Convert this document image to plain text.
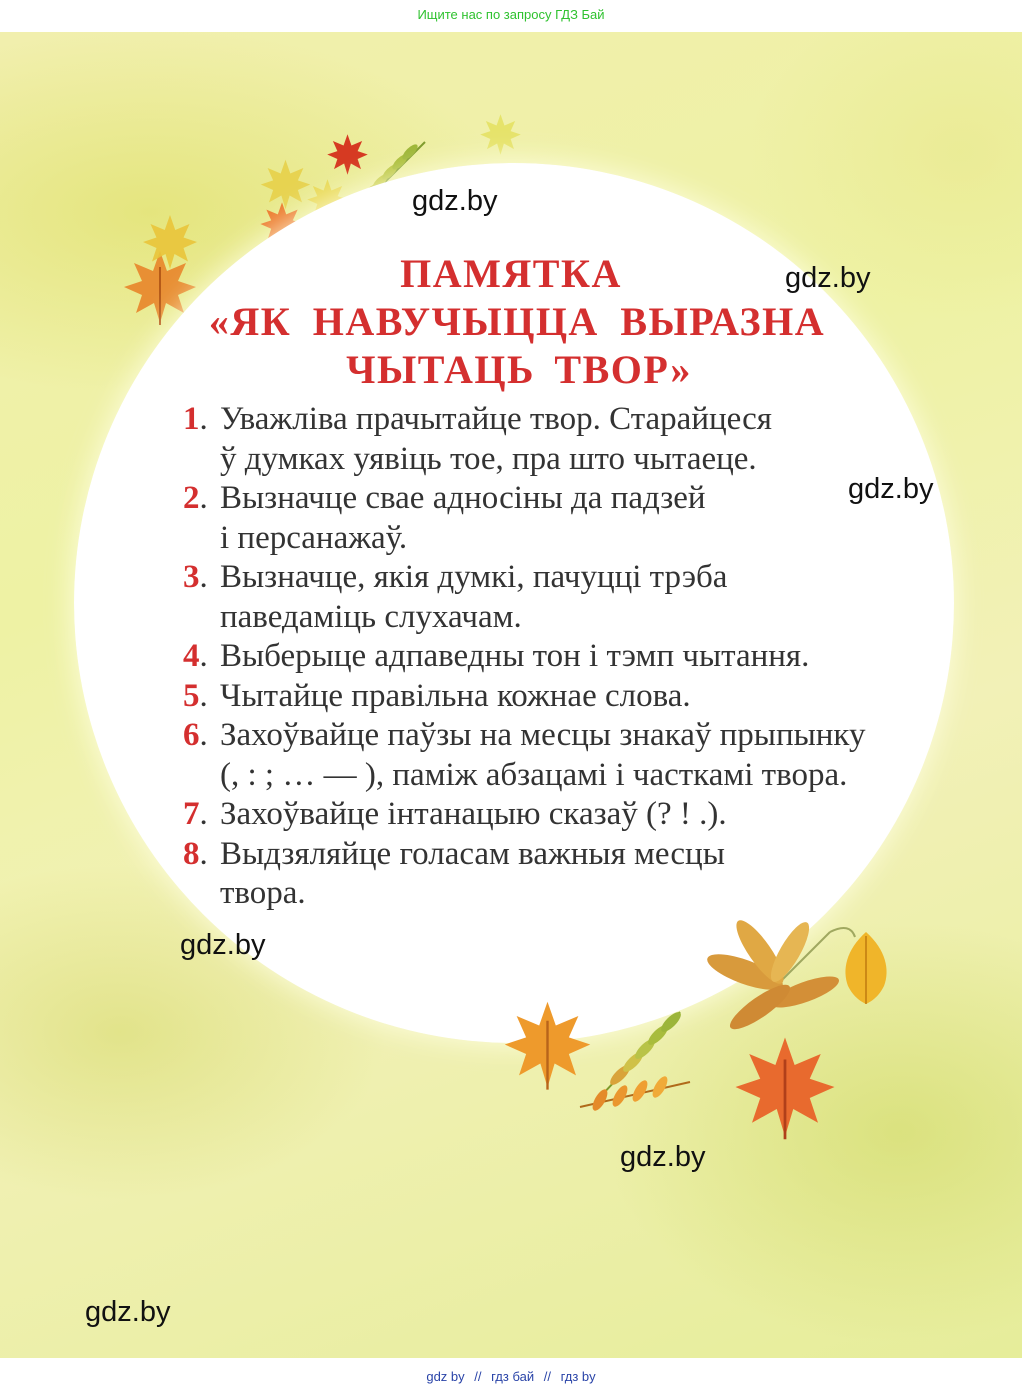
Ищите нас по запросу ГДЗ Бай
ПАМЯТКА
«ЯК НАВУЧЫЦЦА ВЫРАЗНА
ЧЫТАЦЬ ТВОР»
1. Уважліва прачытайце твор. Старайцеся
ў думках уявіць тое, пра што чытаеце.
2. Вызначце свае адносіны да падзей
і персанажаў.
3. Вызначце, якія думкі, пачуцці трэба
паведаміць слухачам.
4. Выберыце адпаведны тон і тэмп чытання.
5. Чытайце правільна кожнае слова.
6. Захоўвайце паўзы на месцы знакаў прыпынку
(, : ; … — ), паміж абзацамі і часткамі твора.
7. Захоўвайце інтанацыю сказаў (? ! .).
8. Выдзяляйце голасам важныя месцы
твора.
gdz.by
gdz.by
gdz.by
gdz.by
gdz.by
gdz.by
gdz by // гдз бай // гдз by
